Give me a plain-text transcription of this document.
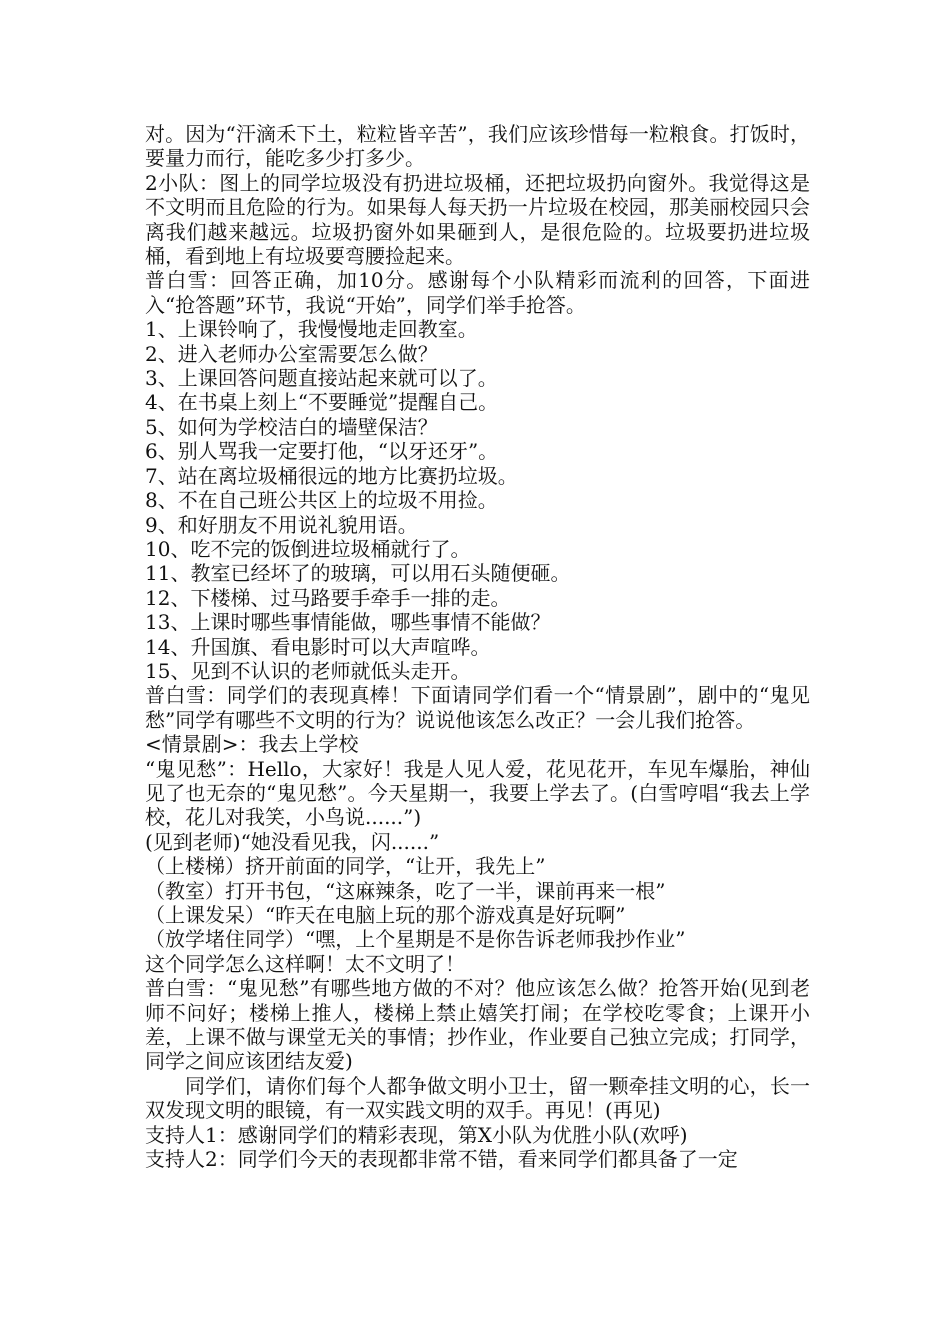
对。因为“汗滴禾下土，粒粒皆辛苦”，我们应该珍惜每一粒粮食。打饭时，要量力而行，能吃多少打多少。

2小队：图上的同学垃圾没有扔进垃圾桶，还把垃圾扔向窗外。我觉得这是不文明而且危险的行为。如果每人每天扔一片垃圾在校园，那美丽校园只会离我们越来越远。垃圾扔窗外如果砸到人，是很危险的。垃圾要扔进垃圾桶，看到地上有垃圾要弯腰捡起来。

普白雪：回答正确，加10分。感谢每个小队精彩而流利的回答，下面进入“抢答题”环节，我说“开始”，同学们举手抢答。

1、上课铃响了，我慢慢地走回教室。

2、进入老师办公室需要怎么做？

3、上课回答问题直接站起来就可以了。

4、在书桌上刻上“不要睡觉”提醒自己。

5、如何为学校洁白的墙壁保洁？

6、别人骂我一定要打他，“以牙还牙”。

7、站在离垃圾桶很远的地方比赛扔垃圾。

8、不在自己班公共区上的垃圾不用捡。

9、和好朋友不用说礼貌用语。

10、吃不完的饭倒进垃圾桶就行了。

11、教室已经坏了的玻璃，可以用石头随便砸。

12、下楼梯、过马路要手牵手一排的走。

13、上课时哪些事情能做，哪些事情不能做？

14、升国旗、看电影时可以大声喧哗。

15、见到不认识的老师就低头走开。

普白雪：同学们的表现真棒！下面请同学们看一个“情景剧”，剧中的“鬼见愁”同学有哪些不文明的行为？说说他该怎么改正？一会儿我们抢答。

<情景剧>：我去上学校

“鬼见愁”：Hello，大家好！我是人见人爱，花见花开，车见车爆胎，神仙见了也无奈的“鬼见愁”。今天星期一，我要上学去了。(白雪哼唱“我去上学校，花儿对我笑，小鸟说......”)

(见到老师)“她没看见我，闪......”

（上楼梯）挤开前面的同学，“让开，我先上”

（教室）打开书包，“这麻辣条，吃了一半，课前再来一根”

（上课发呆）“昨天在电脑上玩的那个游戏真是好玩啊”

（放学堵住同学）“嘿，上个星期是不是你告诉老师我抄作业”

这个同学怎么这样啊！太不文明了！

普白雪：“鬼见愁”有哪些地方做的不对？他应该怎么做？抢答开始(见到老师不问好；楼梯上推人，楼梯上禁止嬉笑打闹；在学校吃零食；上课开小差，上课不做与课堂无关的事情；抄作业，作业要自己独立完成；打同学，同学之间应该团结友爱)

同学们，请你们每个人都争做文明小卫士，留一颗牵挂文明的心，长一双发现文明的眼镜，有一双实践文明的双手。再见！(再见)

支持人1：感谢同学们的精彩表现，第X小队为优胜小队(欢呼)

支持人2：同学们今天的表现都非常不错，看来同学们都具备了一定
